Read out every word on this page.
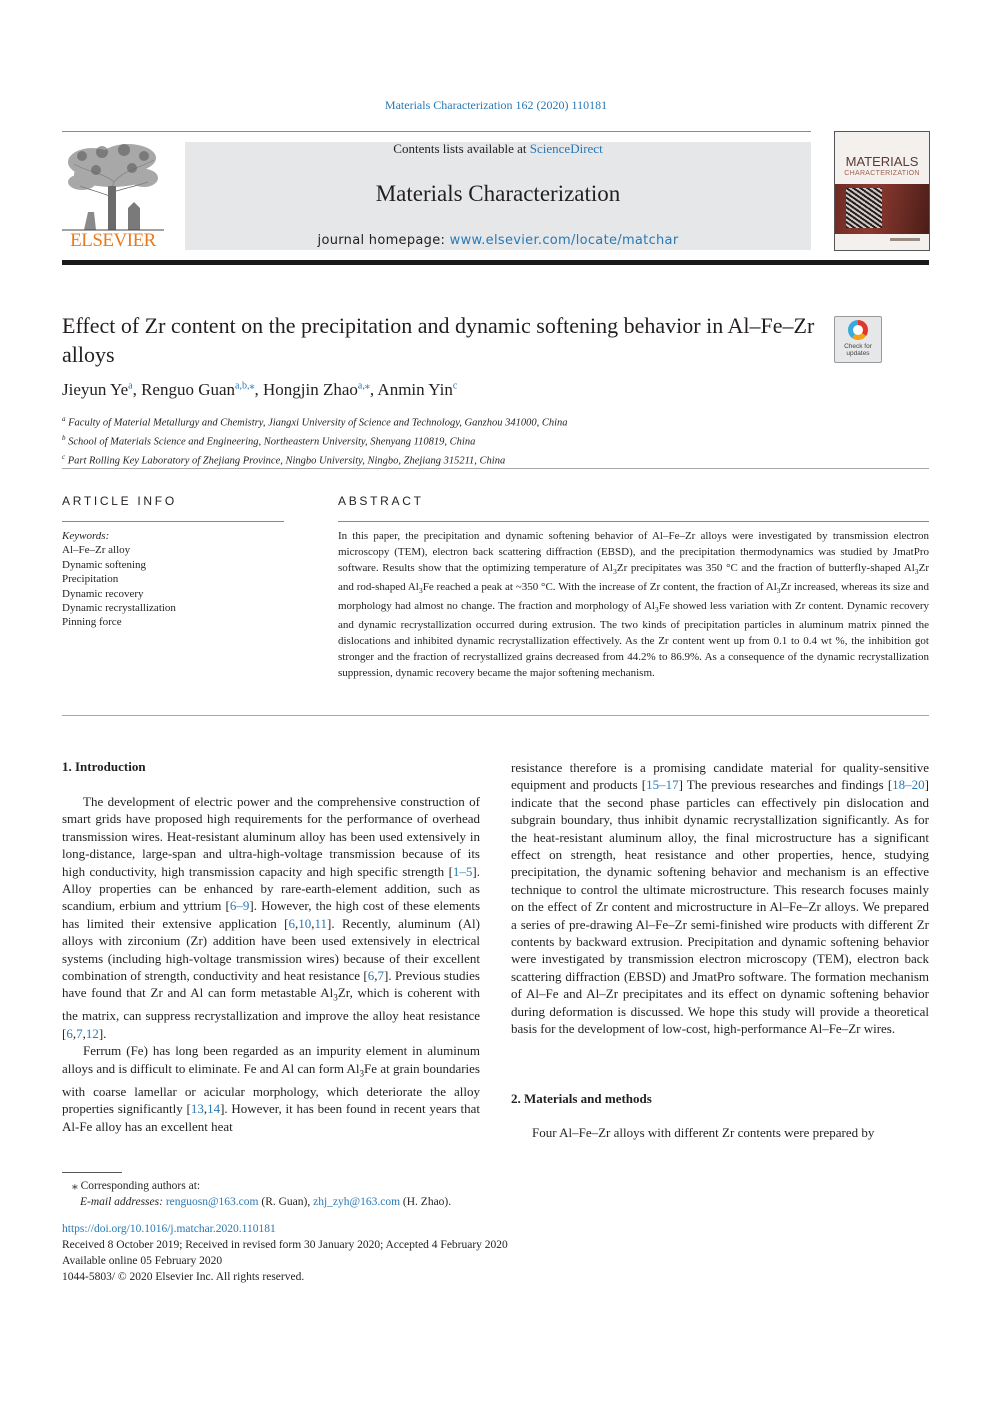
Materials Characterization 162 (2020) 110181
ELSEVIER
Contents lists available at ScienceDirect
Materials Characterization
journal homepage: www.elsevier.com/locate/matchar
MATERIALS
CHARACTERIZATION
Effect of Zr content on the precipitation and dynamic softening behavior in Al–Fe–Zr alloys	Check for
updates
Jieyun Ye$^a$, Renguo Guan$^{a,b,⁎}$, Hongjin Zhao$^{a,⁎}$, Anmin Yin$^c$
$^a$ Faculty of Material Metallurgy and Chemistry, Jiangxi University of Science and Technology, Ganzhou 341000, China
$^b$ School of Materials Science and Engineering, Northeastern University, Shenyang 110819, China
$^c$ Part Rolling Key Laboratory of Zhejiang Province, Ningbo University, Ningbo, Zhejiang 315211, China
ARTICLE INFO	ABSTRACT
Keywords:
Al–Fe–Zr alloy
Dynamic softening
Precipitation
Dynamic recovery
Dynamic recrystallization
Pinning force
In this paper, the precipitation and dynamic softening behavior of Al–Fe–Zr alloys were investigated by transmission electron microscopy (TEM), electron back scattering diffraction (EBSD), and the precipitation thermodynamics was studied by JmatPro software. Results show that the optimizing temperature of $Al_3Zr$ precipitates was 350 °C and the fraction of butterfly-shaped $Al_3Zr$ and rod-shaped $Al_3Fe$ reached a peak at ~350 °C. With the increase of Zr content, the fraction of $Al_3Zr$ increased, whereas its size and morphology had almost no change. The fraction and morphology of $Al_3Fe$ showed less variation with Zr content. Dynamic recovery and dynamic recrystallization occurred during extrusion. The two kinds of precipitation particles in aluminum matrix pinned the dislocations and inhibited dynamic recrystallization effectively. As the Zr content went up from 0.1 to 0.4 wt %, the inhibition got stronger and the fraction of recrystallized grains decreased from 44.2% to 86.9%. As a consequence of the dynamic recrystallization suppression, dynamic recovery became the major softening mechanism.
1. Introduction

The development of electric power and the comprehensive construction of smart grids have proposed high requirements for the performance of overhead transmission wires. Heat-resistant aluminum alloy has been used extensively in long-distance, large-span and ultra-high-voltage transmission because of its high conductivity, high transmission capacity and high specific strength [1–5]. Alloy properties can be enhanced by rare-earth-element addition, such as scandium, erbium and yttrium [6–9]. However, the high cost of these elements has limited their extensive application [6,10,11]. Recently, aluminum (Al) alloys with zirconium (Zr) addition have been used extensively in electrical systems (including high-voltage transmission wires) because of their excellent combination of strength, conductivity and heat resistance [6,7]. Previous studies have found that Zr and Al can form metastable $Al_3Zr$, which is coherent with the matrix, can suppress recrystallization and improve the alloy heat resistance [6,7,12].

Ferrum (Fe) has long been regarded as an impurity element in aluminum alloys and is difficult to eliminate. Fe and Al can form $Al_3Fe$ at grain boundaries with coarse lamellar or acicular morphology, which deteriorate the alloy properties significantly [13,14]. However, it has been found in recent years that Al-Fe alloy has an excellent heat

resistance therefore is a promising candidate material for quality-sensitive equipment and products [15–17] The previous researches and findings [18–20] indicate that the second phase particles can effectively pin dislocation and subgrain boundary, thus inhibit dynamic recrystallization significantly. As for the heat-resistant aluminum alloy, the final microstructure has a significant effect on strength, heat resistance and other properties, hence, studying precipitation, the dynamic softening behavior and mechanism is an effective technique to control the ultimate microstructure. This research focuses mainly on the effect of Zr content and microstructure in Al–Fe–Zr alloys. We prepared a series of pre-drawing Al–Fe–Zr semi-finished wire products with different Zr contents by backward extrusion. Precipitation and dynamic softening behavior were investigated by transmission electron microscopy (TEM), electron back scattering diffraction (EBSD) and JmatPro software. The formation mechanism of Al–Fe and Al–Zr precipitates and its effect on dynamic softening behavior during deformation is discussed. We hope this study will provide a theoretical basis for the development of low-cost, high-performance Al–Fe–Zr wires.

2. Materials and methods

Four Al–Fe–Zr alloys with different Zr contents were prepared by

⁎ Corresponding authors at:
E-mail addresses: renguosn@163.com (R. Guan), zhj_zyh@163.com (H. Zhao).
https://doi.org/10.1016/j.matchar.2020.110181
Received 8 October 2019; Received in revised form 30 January 2020; Accepted 4 February 2020
Available online 05 February 2020
1044-5803/ © 2020 Elsevier Inc. All rights reserved.
